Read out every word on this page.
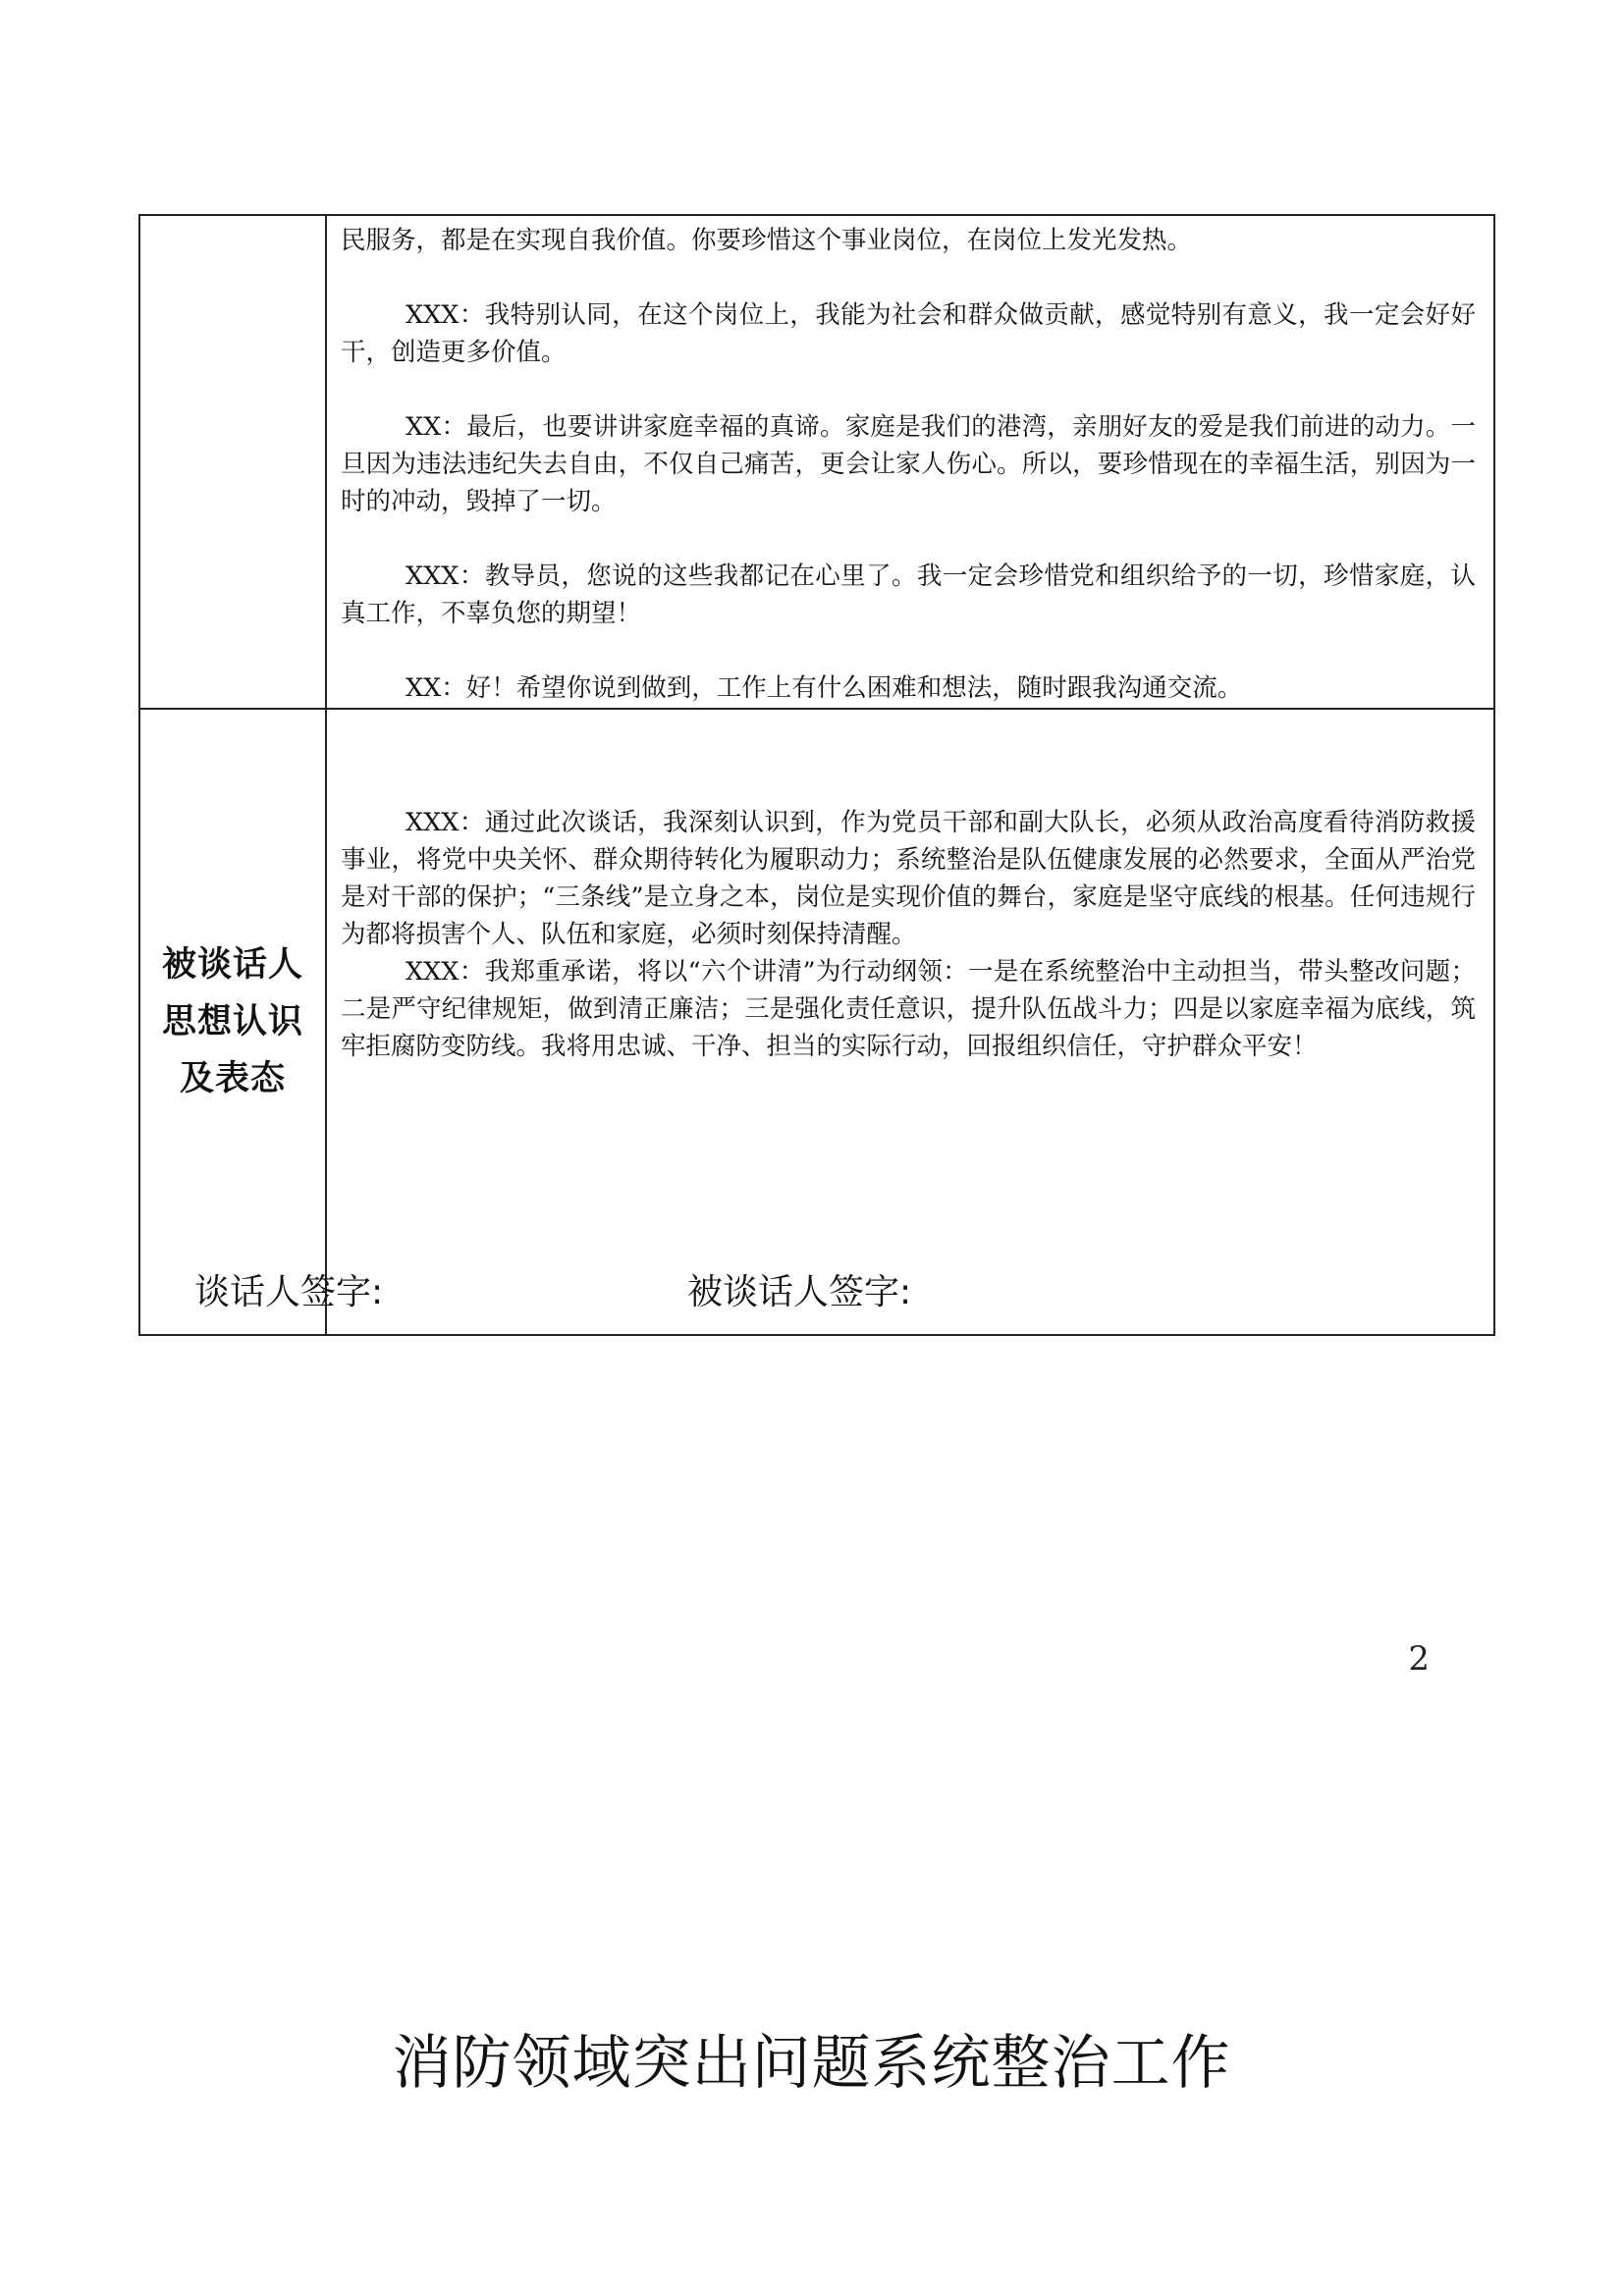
	民服务，都是在实现自我价值。你要珍惜这个事业岗位，在岗位上发光发热。

XXX：我特别认同，在这个岗位上，我能为社会和群众做贡献，感觉特别有意义，我一定会好好干，创造更多价值。

XX：最后，也要讲讲家庭幸福的真谛。家庭是我们的港湾，亲朋好友的爱是我们前进的动力。一旦因为违法违纪失去自由，不仅自己痛苦，更会让家人伤心。所以，要珍惜现在的幸福生活，别因为一时的冲动，毁掉了一切。

XXX：教导员，您说的这些我都记在心里了。我一定会珍惜党和组织给予的一切，珍惜家庭，认真工作，不辜负您的期望！

XX：好！希望你说到做到，工作上有什么困难和想法，随时跟我沟通交流。

被谈话人思想认识及表态	XXX：通过此次谈话，我深刻认识到，作为党员干部和副大队长，必须从政治高度看待消防救援事业，将党中央关怀、群众期待转化为履职动力；系统整治是队伍健康发展的必然要求，全面从严治党是对干部的保护；“三条线”是立身之本，岗位是实现价值的舞台，家庭是坚守底线的根基。任何违规行为都将损害个人、队伍和家庭，必须时刻保持清醒。

XXX：我郑重承诺，将以“六个讲清”为行动纲领：一是在系统整治中主动担当，带头整改问题；二是严守纪律规矩，做到清正廉洁；三是强化责任意识，提升队伍战斗力；四是以家庭幸福为底线，筑牢拒腐防变防线。我将用忠诚、干净、担当的实际行动，回报组织信任，守护群众平安！

谈话人签字:	被谈话人签字:
消防领域突出问题系统整治工作
2
